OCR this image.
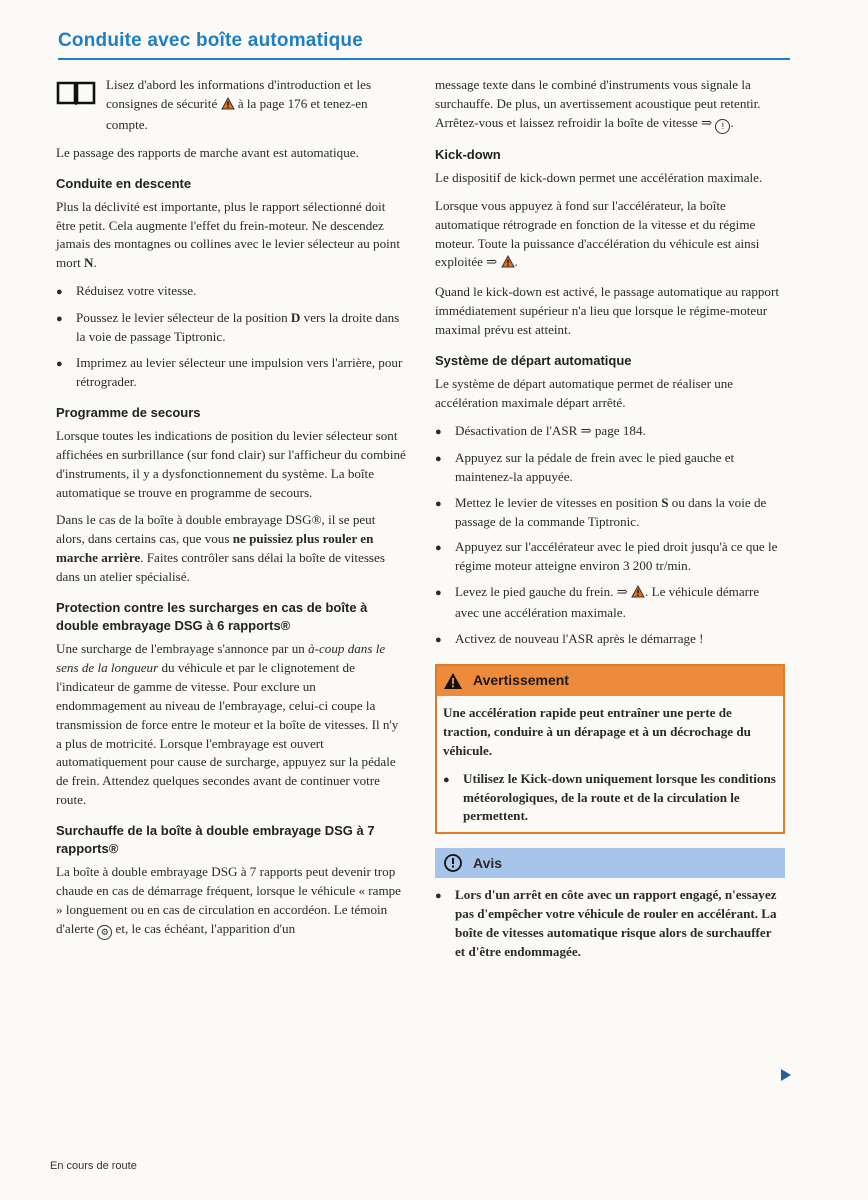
Conduite avec boîte automatique

Lisez d'abord les informations d'introduction et les consignes de sécurité à la page 176 et tenez-en compte.

Le passage des rapports de marche avant est automatique.

Conduite en descente

Plus la déclivité est importante, plus le rapport sélectionné doit être petit. Cela augmente l'effet du frein-moteur. Ne descendez jamais des montagnes ou collines avec le levier sélecteur au point mort N.

●	Réduisez votre vitesse.
●	Poussez le levier sélecteur de la position D vers la droite dans la voie de passage Tiptronic.
●	Imprimez au levier sélecteur une impulsion vers l'arrière, pour rétrograder.
Programme de secours

Lorsque toutes les indications de position du levier sélecteur sont affichées en surbrillance (sur fond clair) sur l'afficheur du combiné d'instruments, il y a dysfonctionnement du système. La boîte automatique se trouve en programme de secours.

Dans le cas de la boîte à double embrayage DSG®, il se peut alors, dans certains cas, que vous ne puissiez plus rouler en marche arrière. Faites contrôler sans délai la boîte de vitesses dans un atelier spécialisé.

Protection contre les surcharges en cas de boîte à double embrayage DSG à 6 rapports®

Une surcharge de l'embrayage s'annonce par un à-coup dans le sens de la longueur du véhicule et par le clignotement de l'indicateur de gamme de vitesse. Pour exclure un endommagement au niveau de l'embrayage, celui-ci coupe la transmission de force entre le moteur et la boîte de vitesses. Il n'y a plus de motricité. Lorsque l'embrayage est ouvert automatiquement pour cause de surcharge, appuyez sur la pédale de frein. Attendez quelques secondes avant de continuer votre route.

Surchauffe de la boîte à double embrayage DSG à 7 rapports®

La boîte à double embrayage DSG à 7 rapports peut devenir trop chaude en cas de démarrage fréquent, lorsque le véhicule « rampe » longuement ou en cas de circulation en accordéon. Le témoin d'alerte ⚙ et, le cas échéant, l'apparition d'un

message texte dans le combiné d'instruments vous signale la surchauffe. De plus, un avertissement acoustique peut retentir. Arrêtez-vous et laissez refroidir la boîte de vitesse ⇒ ! .

Kick-down

Le dispositif de kick-down permet une accélération maximale.

Lorsque vous appuyez à fond sur l'accélérateur, la boîte automatique rétrograde en fonction de la vitesse et du régime moteur. Toute la puissance d'accélération du véhicule est ainsi exploitée ⇒ .

Quand le kick-down est activé, le passage automatique au rapport immédiatement supérieur n'a lieu que lorsque le régime-moteur maximal prévu est atteint.

Système de départ automatique

Le système de départ automatique permet de réaliser une accélération maximale départ arrêté.

●	Désactivation de l'ASR ⇒ page 184.
●	Appuyez sur la pédale de frein avec le pied gauche et maintenez-la appuyée.
●	Mettez le levier de vitesses en position S ou dans la voie de passage de la commande Tiptronic.
●	Appuyez sur l'accélérateur avec le pied droit jusqu'à ce que le régime moteur atteigne environ 3 200 tr/min.
●	Levez le pied gauche du frein. ⇒ . Le véhicule démarre avec une accélération maximale.
●	Activez de nouveau l'ASR après le démarrage !
Avertissement

Une accélération rapide peut entraîner une perte de traction, conduire à un dérapage et à un décrochage du véhicule.

●	Utilisez le Kick-down uniquement lorsque les conditions météorologiques, de la route et de la circulation le permettent.
Avis
●	Lors d'un arrêt en côte avec un rapport engagé, n'essayez pas d'empêcher votre véhicule de rouler en accélérant. La boîte de vitesses automatique risque alors de surchauffer et d'être endommagée.
En cours de route
